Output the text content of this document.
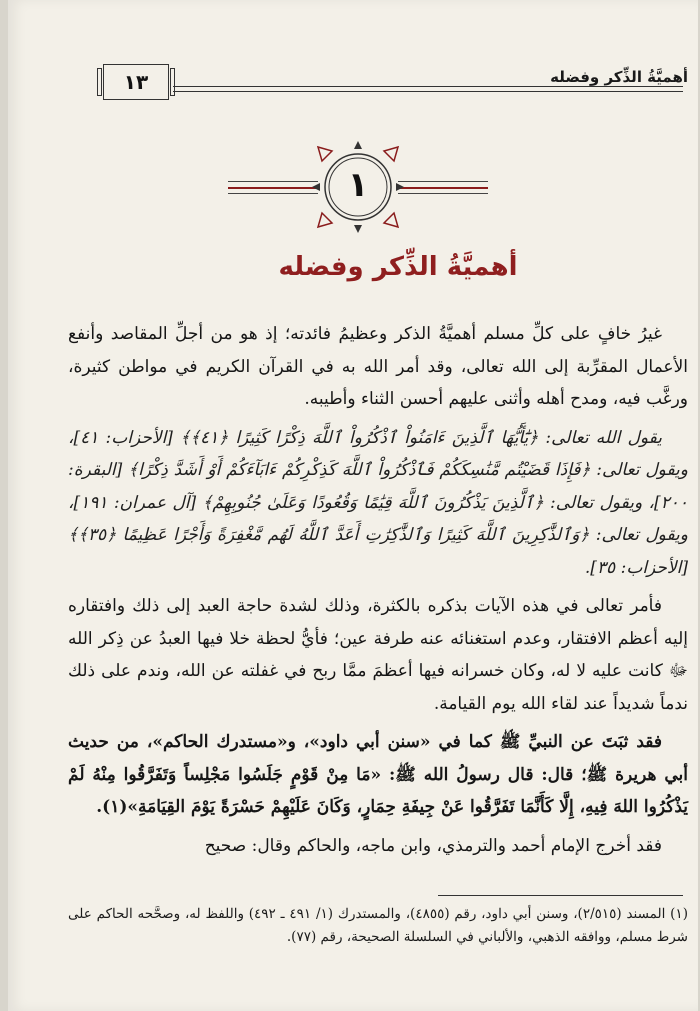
١٣	أهميَّةُ الذِّكر وفضله
١
أهميَّةُ الذِّكر وفضله

غيرُ خافٍ على كلِّ مسلم أهميَّةُ الذكر وعظيمُ فائدته؛ إذ هو من أجلِّ المقاصد وأنفع الأعمال المقرِّبة إلى الله تعالى، وقد أمر الله به في القرآن الكريم في مواطن كثيرة، ورغَّب فيه، ومدح أهله وأثنى عليهم أحسن الثناء وأطيبه.

يقول الله تعالى: ﴿يَٰٓأَيُّهَا ٱلَّذِينَ ءَامَنُواْ ٱذْكُرُواْ ٱللَّهَ ذِكْرًا كَثِيرًا ﴿٤١﴾﴾ [الأحزاب: ٤١]، ويقول تعالى: ﴿فَإِذَا قَضَيْتُم مَّنَٰسِكَكُمْ فَٱذْكُرُواْ ٱللَّهَ كَذِكْرِكُمْ ءَابَآءَكُمْ أَوْ أَشَدَّ ذِكْرًا﴾ [البقرة: ٢٠٠]، ويقول تعالى: ﴿ٱلَّذِينَ يَذْكُرُونَ ٱللَّهَ قِيَٰمًا وَقُعُودًا وَعَلَىٰ جُنُوبِهِمْ﴾ [آل عمران: ١٩١]، ويقول تعالى: ﴿وَٱلذَّٰكِرِينَ ٱللَّهَ كَثِيرًا وَٱلذَّٰكِرَٰتِ أَعَدَّ ٱللَّهُ لَهُم مَّغْفِرَةً وَأَجْرًا عَظِيمًا ﴿٣٥﴾﴾ [الأحزاب: ٣٥].

فأمر تعالى في هذه الآيات بذكره بالكثرة، وذلك لشدة حاجة العبد إلى ذلك وافتقاره إليه أعظم الافتقار، وعدم استغنائه عنه طرفة عين؛ فأيُّ لحظة خلا فيها العبدُ عن ذِكر الله ﷻ كانت عليه لا له، وكان خسرانه فيها أعظمَ ممَّا ربح في غفلته عن الله، وندم على ذلك ندماً شديداً عند لقاء الله يوم القيامة.

فقد ثبَتَ عن النبيِّ ﷺ كما في «سنن أبي داود»، و«مستدرك الحاكم»، من حديث أبي هريرة ﷺ؛ قال: قال رسولُ الله ﷺ: «مَا مِنْ قَوْمٍ جَلَسُوا مَجْلِساً وَتَفَرَّقُوا مِنْهُ لَمْ يَذْكُرُوا اللهَ فِيهِ، إِلَّا كَأَنَّمَا تَفَرَّقُوا عَنْ جِيفَةِ حِمَارٍ، وَكَانَ عَلَيْهِمْ حَسْرَةً يَوْمَ القِيَامَةِ»(١).

فقد أخرج الإمام أحمد والترمذي، وابن ماجه، والحاكم وقال: صحيح

(١) المسند (٢/٥١٥)، وسنن أبي داود، رقم (٤٨٥٥)، والمستدرك (١/ ٤٩١ ـ ٤٩٢) واللفظ له، وصحَّحه الحاكم على شرط مسلم، ووافقه الذهبي، والألباني في السلسلة الصحيحة، رقم (٧٧).
